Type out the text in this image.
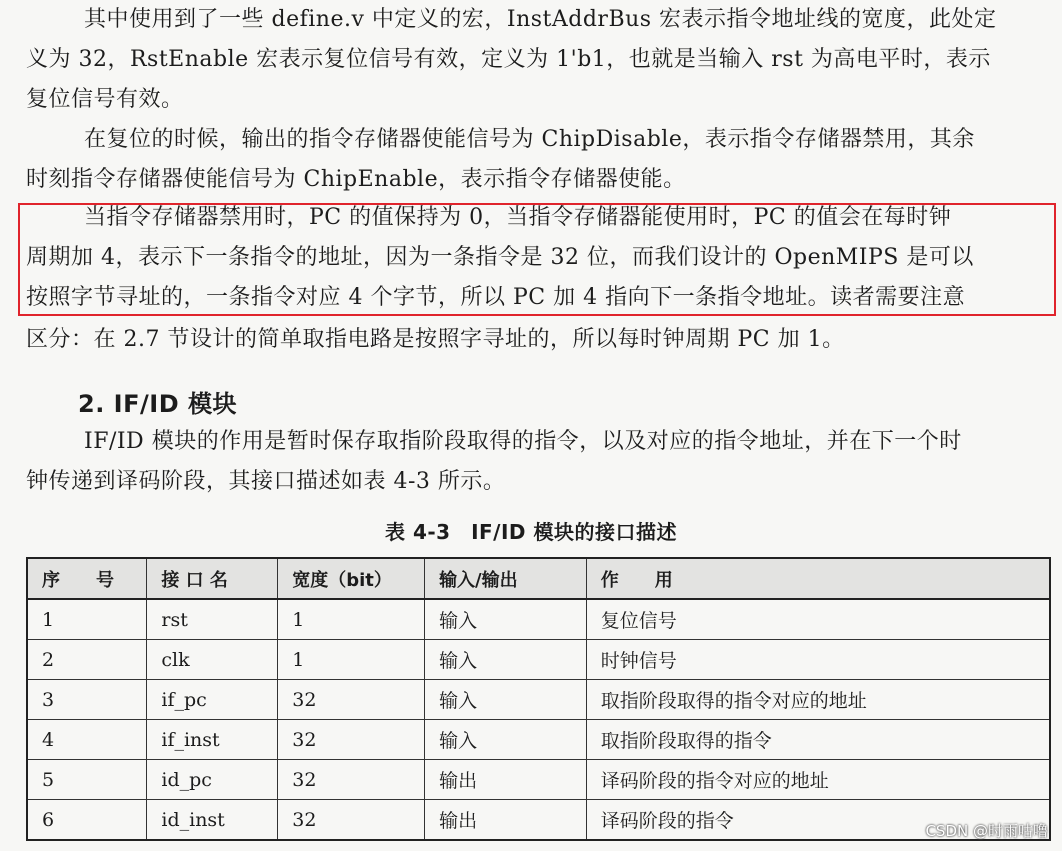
其中使用到了一些 define.v 中定义的宏，InstAddrBus 宏表示指令地址线的宽度，此处定
义为 32，RstEnable 宏表示复位信号有效，定义为 1'b1，也就是当输入 rst 为高电平时，表示
复位信号有效。
在复位的时候，输出的指令存储器使能信号为 ChipDisable，表示指令存储器禁用，其余
时刻指令存储器使能信号为 ChipEnable，表示指令存储器使能。
当指令存储器禁用时，PC 的值保持为 0，当指令存储器能使用时，PC 的值会在每时钟
周期加 4，表示下一条指令的地址，因为一条指令是 32 位，而我们设计的 OpenMIPS 是可以
按照字节寻址的，一条指令对应 4 个字节，所以 PC 加 4 指向下一条指令地址。读者需要注意
区分：在 2.7 节设计的简单取指电路是按照字寻址的，所以每时钟周期 PC 加 1。
2. IF/ID 模块
IF/ID 模块的作用是暂时保存取指阶段取得的指令，以及对应的指令地址，并在下一个时
钟传递到译码阶段，其接口描述如表 4-3 所示。
表 4-3　IF/ID 模块的接口描述
序　　号	接 口 名	宽度（bit）	输入/输出	作　　用
1	rst	1	输入	复位信号
2	clk	1	输入	时钟信号
3	if_pc	32	输入	取指阶段取得的指令对应的地址
4	if_inst	32	输入	取指阶段取得的指令
5	id_pc	32	输出	译码阶段的指令对应的地址
6	id_inst	32	输出	译码阶段的指令	CSDN @时雨咕噜
